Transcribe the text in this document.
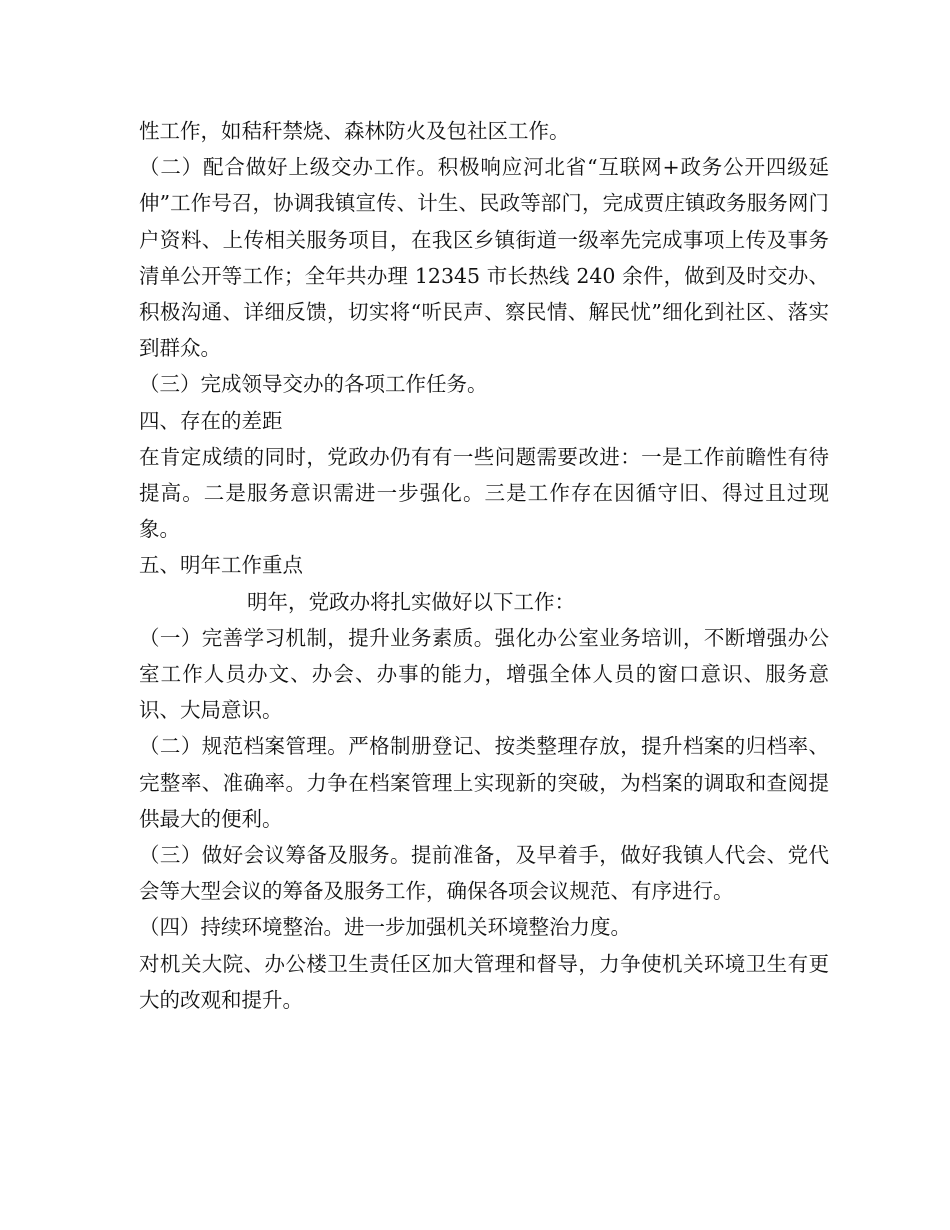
性工作，如秸秆禁烧、森林防火及包社区工作。

（二）配合做好上级交办工作。积极响应河北省“互联网+政务公开四级延伸”工作号召，协调我镇宣传、计生、民政等部门，完成贾庄镇政务服务网门户资料、上传相关服务项目，在我区乡镇街道一级率先完成事项上传及事务清单公开等工作；全年共办理 12345 市长热线 240 余件，做到及时交办、积极沟通、详细反馈，切实将“听民声、察民情、解民忧”细化到社区、落实到群众。

（三）完成领导交办的各项工作任务。

四、存在的差距

在肯定成绩的同时，党政办仍有有一些问题需要改进：一是工作前瞻性有待提高。二是服务意识需进一步强化。三是工作存在因循守旧、得过且过现象。

五、明年工作重点

明年，党政办将扎实做好以下工作：

（一）完善学习机制，提升业务素质。强化办公室业务培训，不断增强办公室工作人员办文、办会、办事的能力，增强全体人员的窗口意识、服务意识、大局意识。

（二）规范档案管理。严格制册登记、按类整理存放，提升档案的归档率、完整率、准确率。力争在档案管理上实现新的突破，为档案的调取和查阅提供最大的便利。

（三）做好会议筹备及服务。提前准备，及早着手，做好我镇人代会、党代会等大型会议的筹备及服务工作，确保各项会议规范、有序进行。

（四）持续环境整治。进一步加强机关环境整治力度。

对机关大院、办公楼卫生责任区加大管理和督导，力争使机关环境卫生有更大的改观和提升。
